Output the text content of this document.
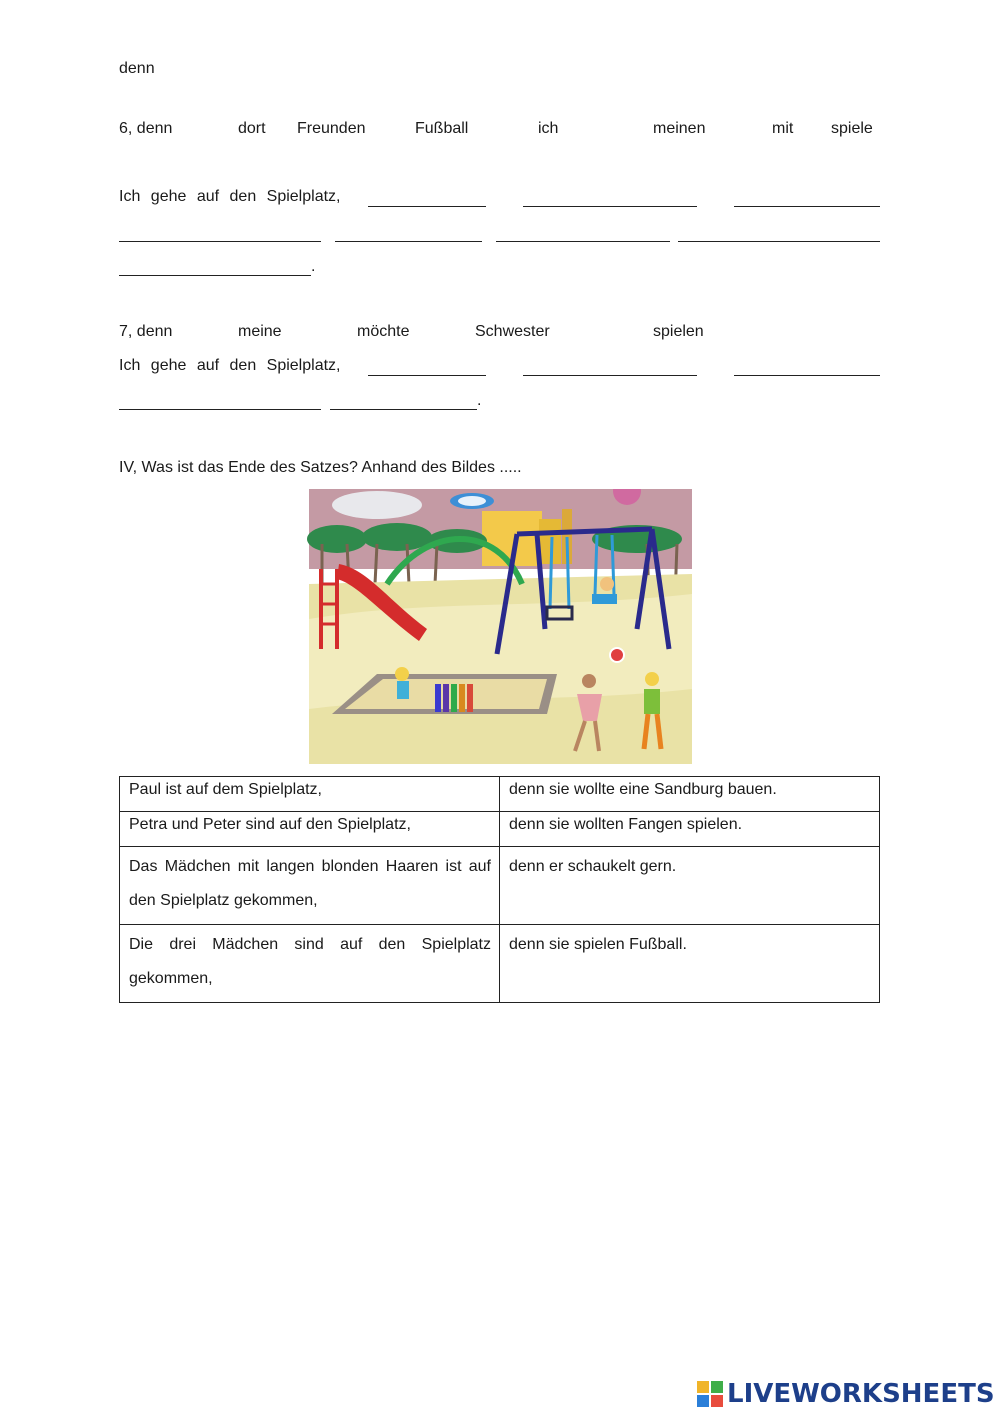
denn
6, denn	dort Freunden	Fußball	ich	meinen	mit spiele
Ich gehe auf den Spielplatz,
.
7, denn	meine	möchte	Schwester	spielen
Ich gehe auf den Spielplatz,
.
IV, Was ist das Ende des Satzes? Anhand des Bildes .....
Paul ist auf dem Spielplatz,	denn sie wollte eine Sandburg bauen.
Petra und Peter sind auf den Spielplatz,	denn sie wollten Fangen spielen.
Das Mädchen mit langen blonden Haaren ist auf den Spielplatz gekommen,	denn er schaukelt gern.
Die drei Mädchen sind auf den Spielplatz gekommen,	denn sie spielen Fußball.
LIVEWORKSHEETS
